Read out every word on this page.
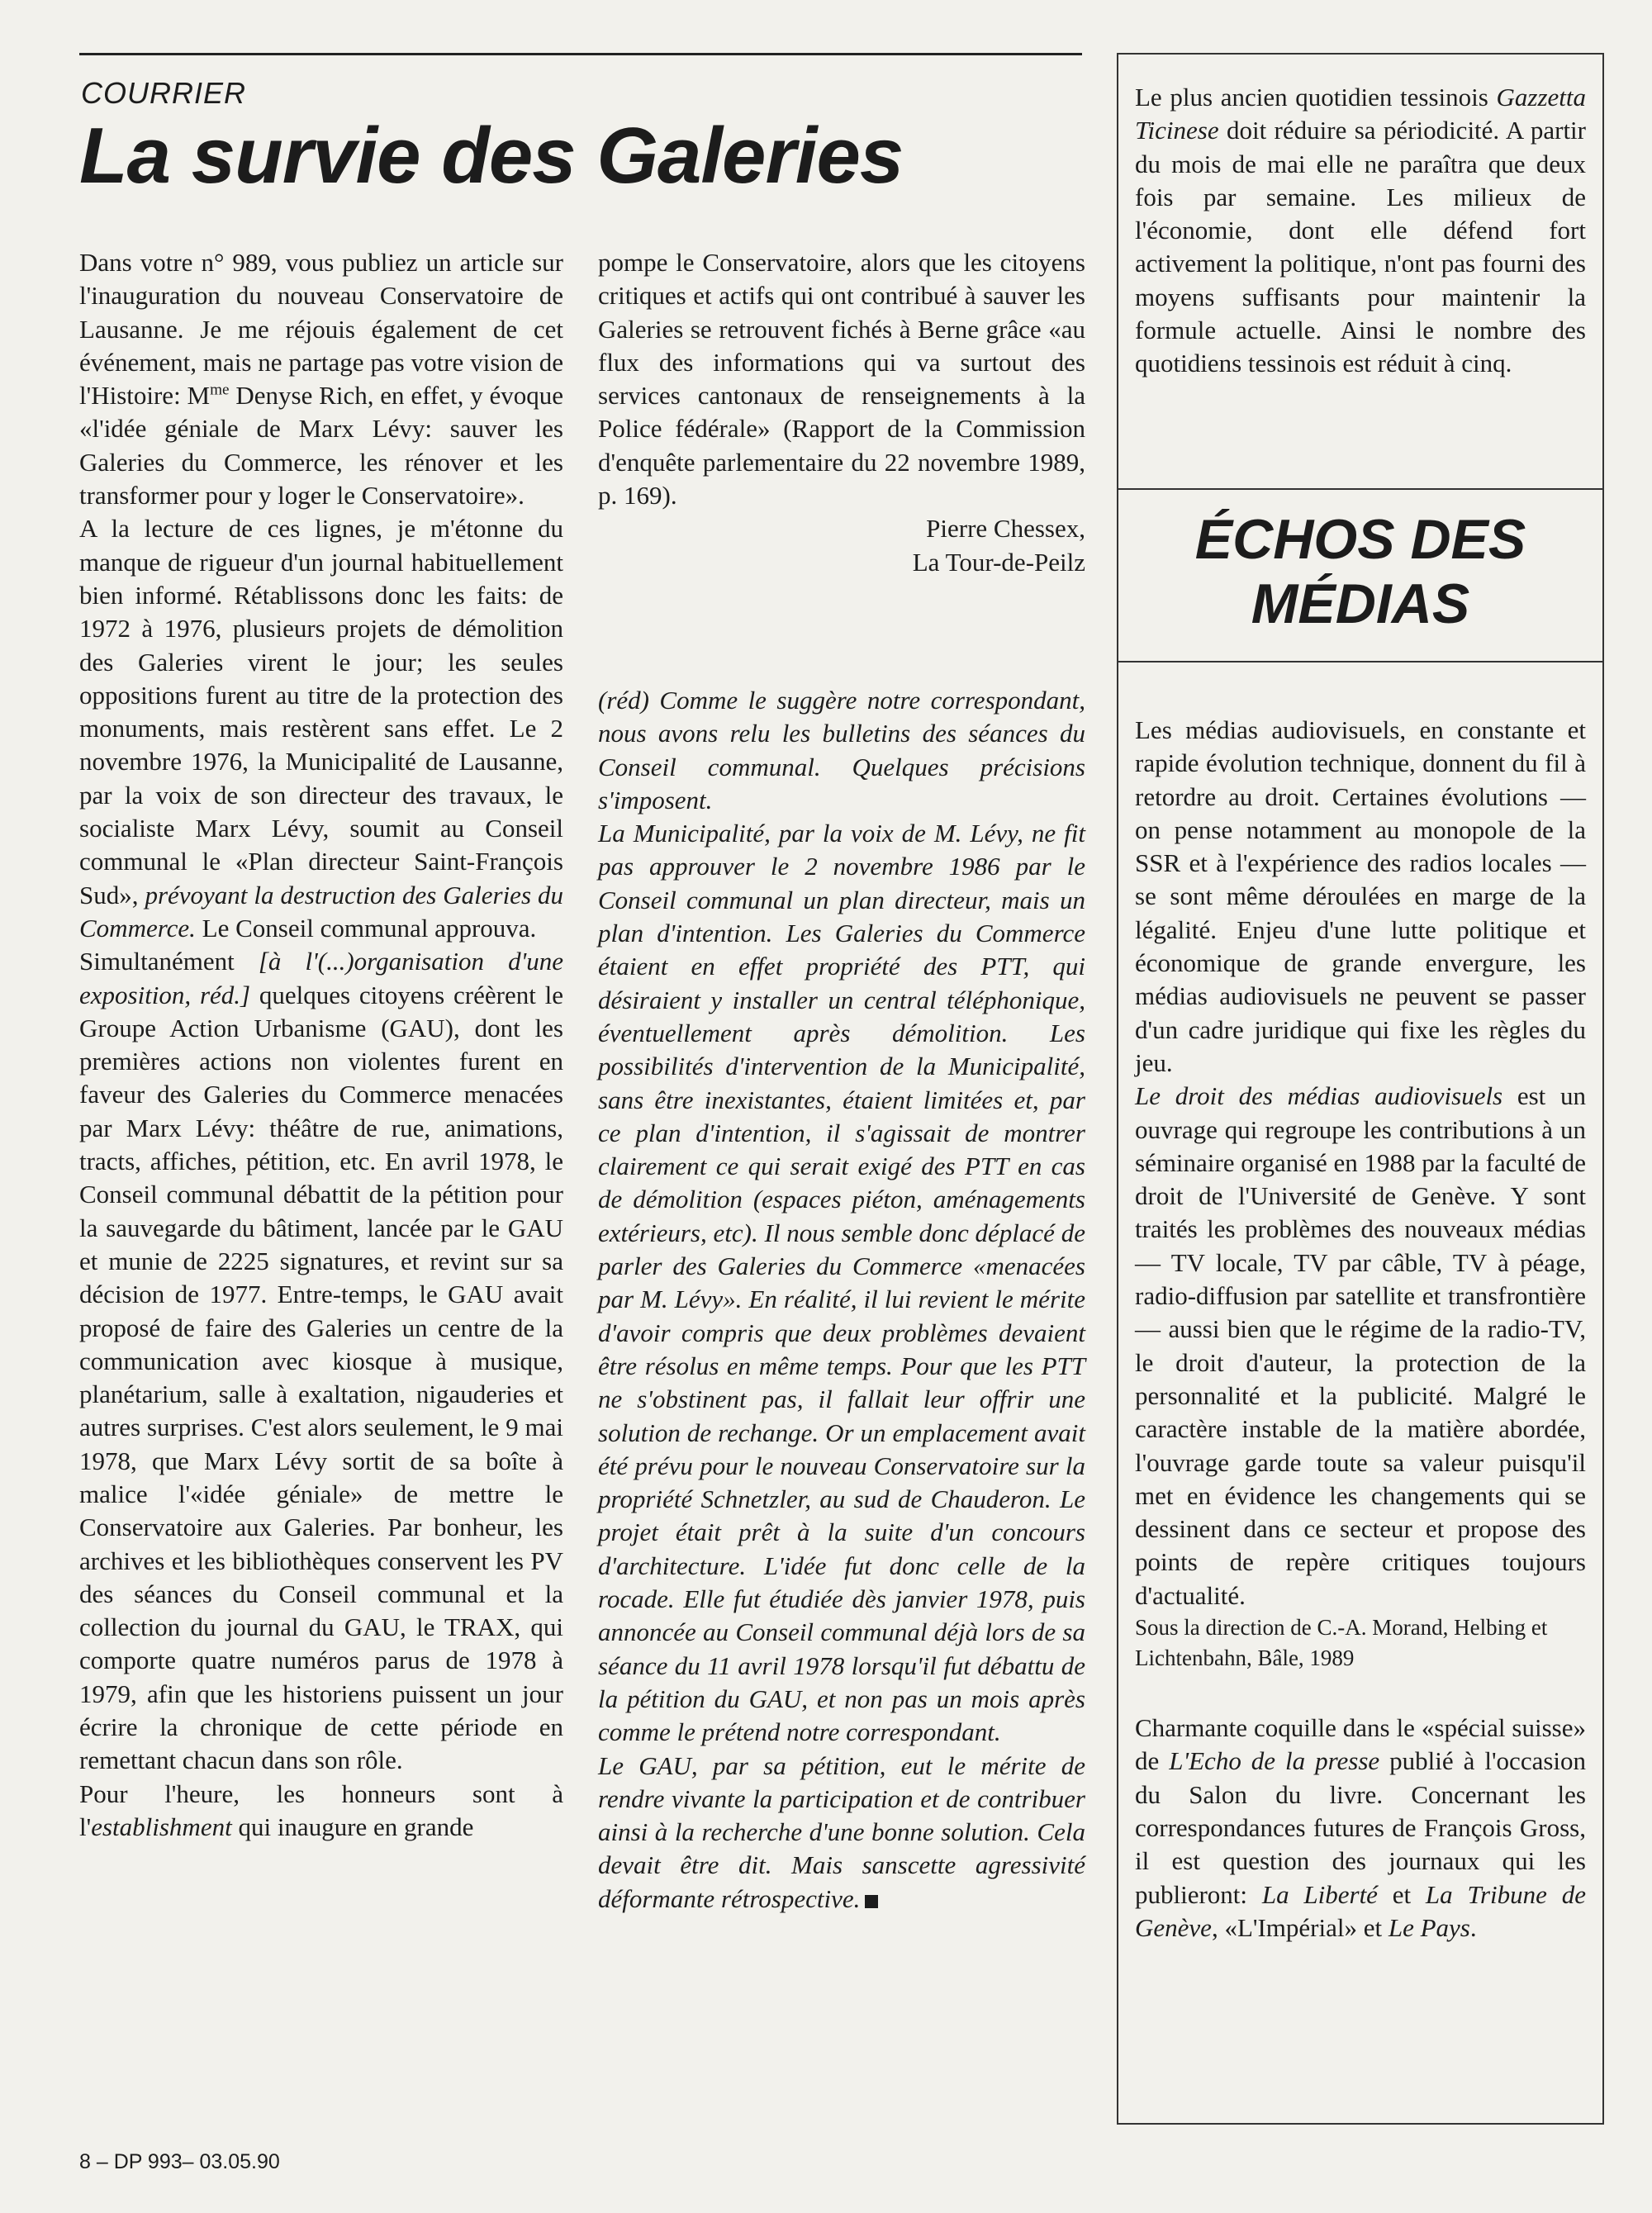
COURRIER
La survie des Galeries

Dans votre n° 989, vous publiez un article sur l'inauguration du nouveau Conservatoire de Lausanne. Je me réjouis également de cet événement, mais ne partage pas votre vision de l'Histoire: $M^{me}$ Denyse Rich, en effet, y évoque «l'idée géniale de Marx Lévy: sauver les Galeries du Commerce, les rénover et les transformer pour y loger le Conservatoire».

A la lecture de ces lignes, je m'étonne du manque de rigueur d'un journal habituellement bien informé. Rétablissons donc les faits: de 1972 à 1976, plusieurs projets de démolition des Galeries virent le jour; les seules oppositions furent au titre de la protection des monuments, mais restèrent sans effet. Le 2 novembre 1976, la Municipalité de Lausanne, par la voix de son directeur des travaux, le socialiste Marx Lévy, soumit au Conseil communal le «Plan directeur Saint-François Sud», prévoyant la destruction des Galeries du Commerce. Le Conseil communal approuva.

Simultanément [à l'(...)organisation d'une exposition, réd.] quelques citoyens créèrent le Groupe Action Urbanisme (GAU), dont les premières actions non violentes furent en faveur des Galeries du Commerce menacées par Marx Lévy: théâtre de rue, animations, tracts, affiches, pétition, etc. En avril 1978, le Conseil communal débattit de la pétition pour la sauvegarde du bâtiment, lancée par le GAU et munie de 2225 signatures, et revint sur sa décision de 1977. Entre-temps, le GAU avait proposé de faire des Galeries un centre de la communication avec kiosque à musique, planétarium, salle à exaltation, nigauderies et autres surprises. C'est alors seulement, le 9 mai 1978, que Marx Lévy sortit de sa boîte à malice l'«idée géniale» de mettre le Conservatoire aux Galeries. Par bonheur, les archives et les bibliothèques conservent les PV des séances du Conseil communal et la collection du journal du GAU, le TRAX, qui comporte quatre numéros parus de 1978 à 1979, afin que les historiens puissent un jour écrire la chronique de cette période en remettant chacun dans son rôle.

Pour l'heure, les honneurs sont à l'establishment qui inaugure en grande

pompe le Conservatoire, alors que les citoyens critiques et actifs qui ont contribué à sauver les Galeries se retrouvent fichés à Berne grâce «au flux des informations qui va surtout des services cantonaux de renseignements à la Police fédérale» (Rapport de la Commission d'enquête parlementaire du 22 novembre 1989, p. 169).

Pierre Chessex,

La Tour-de-Peilz

(réd) Comme le suggère notre correspondant, nous avons relu les bulletins des séances du Conseil communal. Quelques précisions s'imposent.

La Municipalité, par la voix de M. Lévy, ne fit pas approuver le 2 novembre 1986 par le Conseil communal un plan directeur, mais un plan d'intention. Les Galeries du Commerce étaient en effet propriété des PTT, qui désiraient y installer un central téléphonique, éventuellement après démolition. Les possibilités d'intervention de la Municipalité, sans être inexistantes, étaient limitées et, par ce plan d'intention, il s'agissait de montrer clairement ce qui serait exigé des PTT en cas de démolition (espaces piéton, aménagements extérieurs, etc). Il nous semble donc déplacé de parler des Galeries du Commerce «menacées par M. Lévy». En réalité, il lui revient le mérite d'avoir compris que deux problèmes devaient être résolus en même temps. Pour que les PTT ne s'obstinent pas, il fallait leur offrir une solution de rechange. Or un emplacement avait été prévu pour le nouveau Conservatoire sur la propriété Schnetzler, au sud de Chauderon. Le projet était prêt à la suite d'un concours d'architecture. L'idée fut donc celle de la rocade. Elle fut étudiée dès janvier 1978, puis annoncée au Conseil communal déjà lors de sa séance du 11 avril 1978 lorsqu'il fut débattu de la pétition du GAU, et non pas un mois après comme le prétend notre correspondant.

Le GAU, par sa pétition, eut le mérite de rendre vivante la participation et de contribuer ainsi à la recherche d'une bonne solution. Cela devait être dit. Mais sanscette agressivité déformante rétrospective.

Le plus ancien quotidien tessinois Gazzetta Ticinese doit réduire sa périodicité. A partir du mois de mai elle ne paraîtra que deux fois par semaine. Les milieux de l'économie, dont elle défend fort activement la politique, n'ont pas fourni des moyens suffisants pour maintenir la formule actuelle. Ainsi le nombre des quotidiens tessinois est réduit à cinq.

ÉCHOS DES
MÉDIAS

Les médias audiovisuels, en constante et rapide évolution technique, donnent du fil à retordre au droit. Certaines évolutions — on pense notamment au monopole de la SSR et à l'expérience des radios locales — se sont même déroulées en marge de la légalité. Enjeu d'une lutte politique et économique de grande envergure, les médias audiovisuels ne peuvent se passer d'un cadre juridique qui fixe les règles du jeu.

Le droit des médias audiovisuels est un ouvrage qui regroupe les contributions à un séminaire organisé en 1988 par la faculté de droit de l'Université de Genève. Y sont traités les problèmes des nouveaux médias — TV locale, TV par câble, TV à péage, radio-diffusion par satellite et transfrontière — aussi bien que le régime de la radio-TV, le droit d'auteur, la protection de la personnalité et la publicité. Malgré le caractère instable de la matière abordée, l'ouvrage garde toute sa valeur puisqu'il met en évidence les changements qui se dessinent dans ce secteur et propose des points de repère critiques toujours d'actualité.

Sous la direction de C.-A. Morand, Helbing et Lichtenbahn, Bâle, 1989

Charmante coquille dans le «spécial suisse» de L'Echo de la presse publié à l'occasion du Salon du livre. Concernant les correspondances futures de François Gross, il est question des journaux qui les publieront: La Liberté et La Tribune de Genève, «L'Impérial» et Le Pays.

8 – DP 993– 03.05.90
